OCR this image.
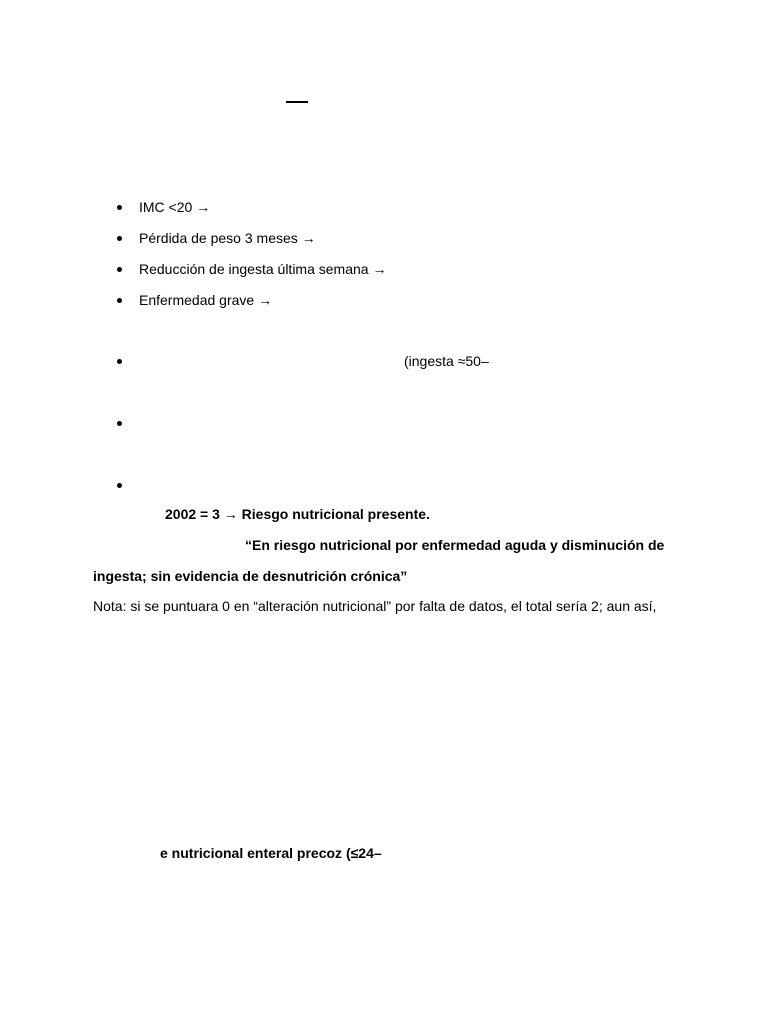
IMC <20 →
Pérdida de peso 3 meses →
Reducción de ingesta última semana →
Enfermedad grave →
(ingesta ≈50–
2002 = 3 → Riesgo nutricional presente.
“En riesgo nutricional por enfermedad aguda y disminución de
ingesta; sin evidencia de desnutrición crónica”
Nota: si se puntuara 0 en “alteración nutricional” por falta de datos, el total sería 2; aun así,
e nutricional enteral precoz (≤24–
